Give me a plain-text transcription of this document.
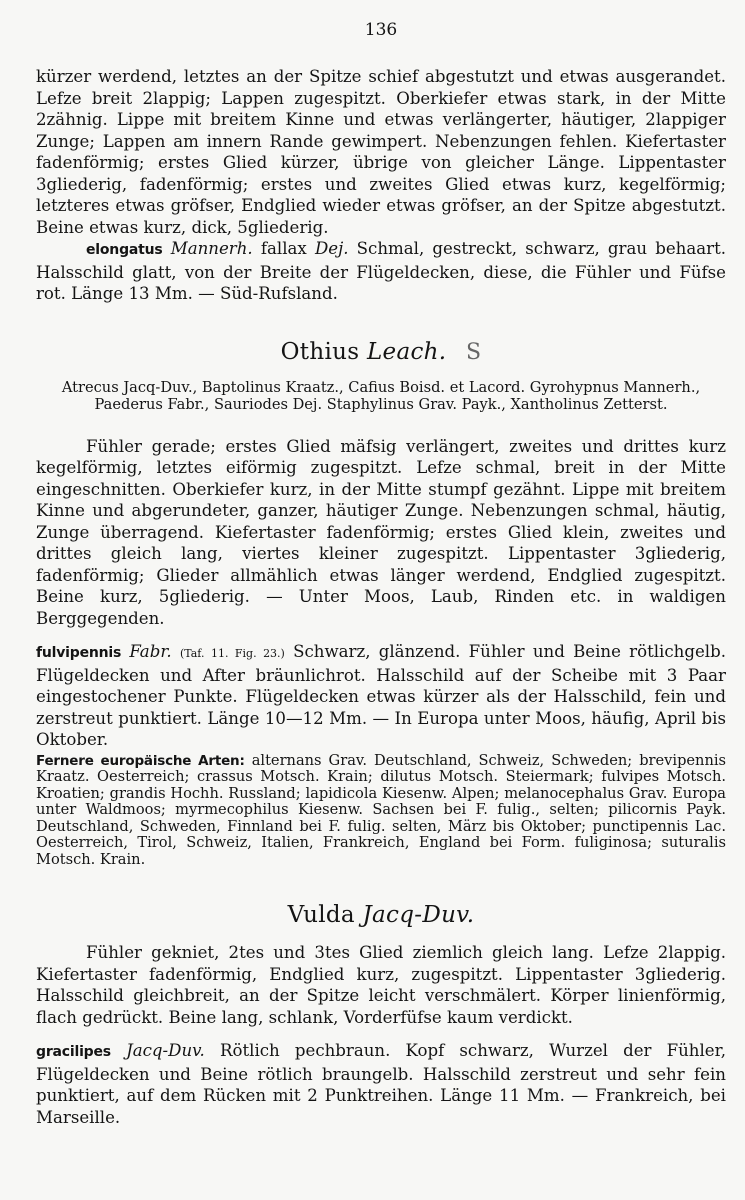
136

kürzer werdend, letztes an der Spitze schief abgestutzt und etwas ausgerandet. Lefze breit 2lappig; Lappen zugespitzt. Oberkiefer etwas stark, in der Mitte 2zähnig. Lippe mit breitem Kinne und etwas verlängerter, häutiger, 2lappiger Zunge; Lappen am innern Rande gewimpert. Nebenzungen fehlen. Kiefertaster fadenförmig; erstes Glied kürzer, übrige von gleicher Länge. Lippentaster 3gliederig, fadenförmig; erstes und zweites Glied etwas kurz, kegelförmig; letzteres etwas gröfser, Endglied wieder etwas gröfser, an der Spitze abgestutzt. Beine etwas kurz, dick, 5gliederig.

elongatus Mannerh. fallax Dej. Schmal, gestreckt, schwarz, grau behaart. Halsschild glatt, von der Breite der Flügeldecken, diese, die Fühler und Füfse rot. Länge 13 Mm. — Süd-Rufsland.

Othius Leach. S

Atrecus Jacq-Duv., Baptolinus Kraatz., Cafius Boisd. et Lacord. Gyrohypnus Mannerh., Paederus Fabr., Sauriodes Dej. Staphylinus Grav. Payk., Xantholinus Zetterst.

Fühler gerade; erstes Glied mäfsig verlängert, zweites und drittes kurz kegelförmig, letztes eiförmig zugespitzt. Lefze schmal, breit in der Mitte eingeschnitten. Oberkiefer kurz, in der Mitte stumpf gezähnt. Lippe mit breitem Kinne und abgerundeter, ganzer, häutiger Zunge. Nebenzungen schmal, häutig, Zunge überragend. Kiefertaster fadenförmig; erstes Glied klein, zweites und drittes gleich lang, viertes kleiner zugespitzt. Lippentaster 3gliederig, fadenförmig; Glieder allmählich etwas länger werdend, Endglied zugespitzt. Beine kurz, 5gliederig. — Unter Moos, Laub, Rinden etc. in waldigen Berggegenden.

fulvipennis Fabr. (Taf. 11. Fig. 23.) Schwarz, glänzend. Fühler und Beine rötlichgelb. Flügeldecken und After bräunlichrot. Halsschild auf der Scheibe mit 3 Paar eingestochener Punkte. Flügeldecken etwas kürzer als der Halsschild, fein und zerstreut punktiert. Länge 10—12 Mm. — In Europa unter Moos, häufig, April bis Oktober.

Fernere europäische Arten: alternans Grav. Deutschland, Schweiz, Schweden; brevipennis Kraatz. Oesterreich; crassus Motsch. Krain; dilutus Motsch. Steiermark; fulvipes Motsch. Kroatien; grandis Hochh. Russland; lapidicola Kiesenw. Alpen; melanocephalus Grav. Europa unter Waldmoos; myrmecophilus Kiesenw. Sachsen bei F. fulig., selten; pilicornis Payk. Deutschland, Schweden, Finnland bei F. fulig. selten, März bis Oktober; punctipennis Lac. Oesterreich, Tirol, Schweiz, Italien, Frankreich, England bei Form. fuliginosa; suturalis Motsch. Krain.

Vulda Jacq-Duv.

Fühler gekniet, 2tes und 3tes Glied ziemlich gleich lang. Lefze 2lappig. Kiefertaster fadenförmig, Endglied kurz, zugespitzt. Lippentaster 3gliederig. Halsschild gleichbreit, an der Spitze leicht verschmälert. Körper linienförmig, flach gedrückt. Beine lang, schlank, Vorderfüfse kaum verdickt.

gracilipes Jacq-Duv. Rötlich pechbraun. Kopf schwarz, Wurzel der Fühler, Flügeldecken und Beine rötlich braungelb. Halsschild zerstreut und sehr fein punktiert, auf dem Rücken mit 2 Punktreihen. Länge 11 Mm. — Frankreich, bei Marseille.
